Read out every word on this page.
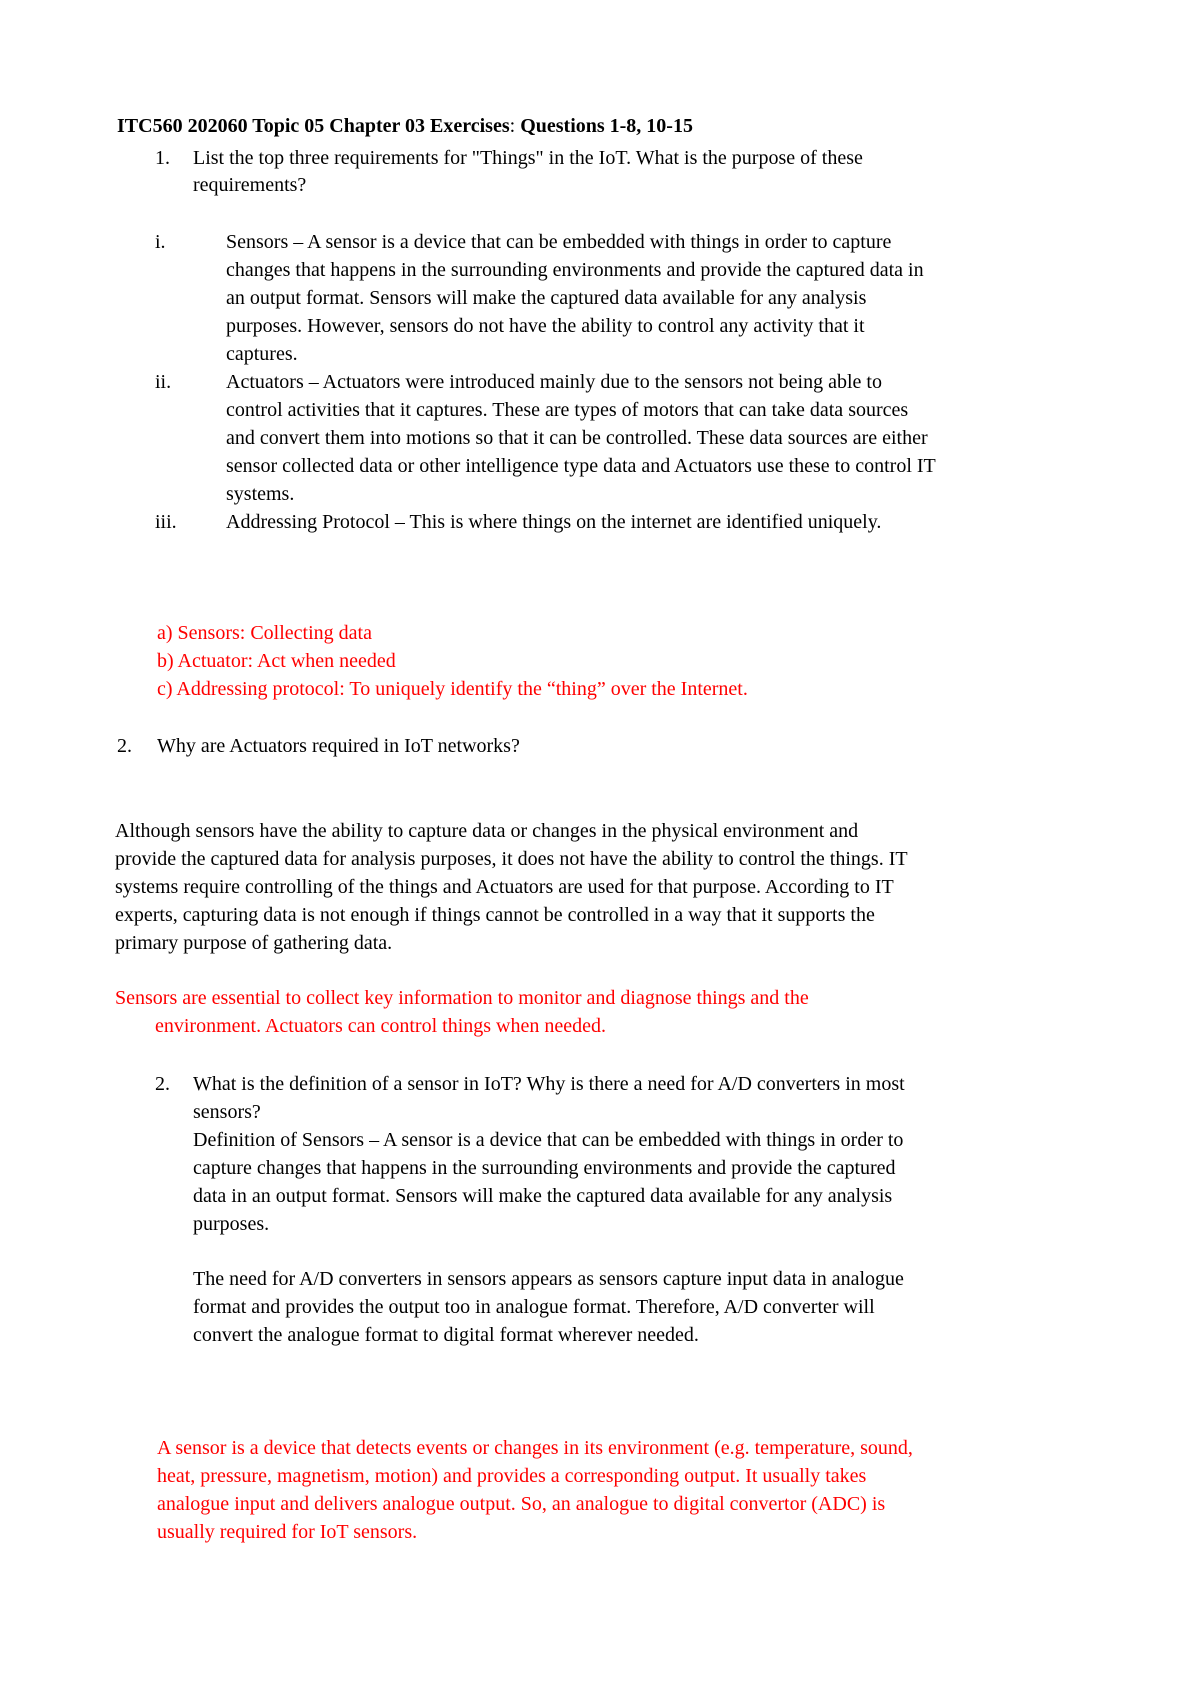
ITC560 202060 Topic 05 Chapter 03 Exercises: Questions 1-8, 10-15
1. List the top three requirements for "Things" in the IoT. What is the purpose of these
requirements?
i.	Sensors – A sensor is a device that can be embedded with things in order to capture
changes that happens in the surrounding environments and provide the captured data in
an output format. Sensors will make the captured data available for any analysis
purposes. However, sensors do not have the ability to control any activity that it
captures.
ii.	Actuators – Actuators were introduced mainly due to the sensors not being able to
control activities that it captures. These are types of motors that can take data sources
and convert them into motions so that it can be controlled. These data sources are either
sensor collected data or other intelligence type data and Actuators use these to control IT
systems.
iii. Addressing Protocol – This is where things on the internet are identified uniquely.
a) Sensors: Collecting data
b) Actuator: Act when needed
c) Addressing protocol: To uniquely identify the “thing” over the Internet.
2. Why are Actuators required in IoT networks?
Although sensors have the ability to capture data or changes in the physical environment and
provide the captured data for analysis purposes, it does not have the ability to control the things. IT
systems require controlling of the things and Actuators are used for that purpose. According to IT
experts, capturing data is not enough if things cannot be controlled in a way that it supports the
primary purpose of gathering data.
Sensors are essential to collect key information to monitor and diagnose things and the
environment. Actuators can control things when needed.
2. What is the definition of a sensor in IoT? Why is there a need for A/D converters in most
sensors?
Definition of Sensors – A sensor is a device that can be embedded with things in order to
capture changes that happens in the surrounding environments and provide the captured
data in an output format. Sensors will make the captured data available for any analysis
purposes.
The need for A/D converters in sensors appears as sensors capture input data in analogue
format and provides the output too in analogue format. Therefore, A/D converter will
convert the analogue format to digital format wherever needed.
A sensor is a device that detects events or changes in its environment (e.g. temperature, sound,
heat, pressure, magnetism, motion) and provides a corresponding output. It usually takes
analogue input and delivers analogue output. So, an analogue to digital convertor (ADC) is
usually required for IoT sensors.
